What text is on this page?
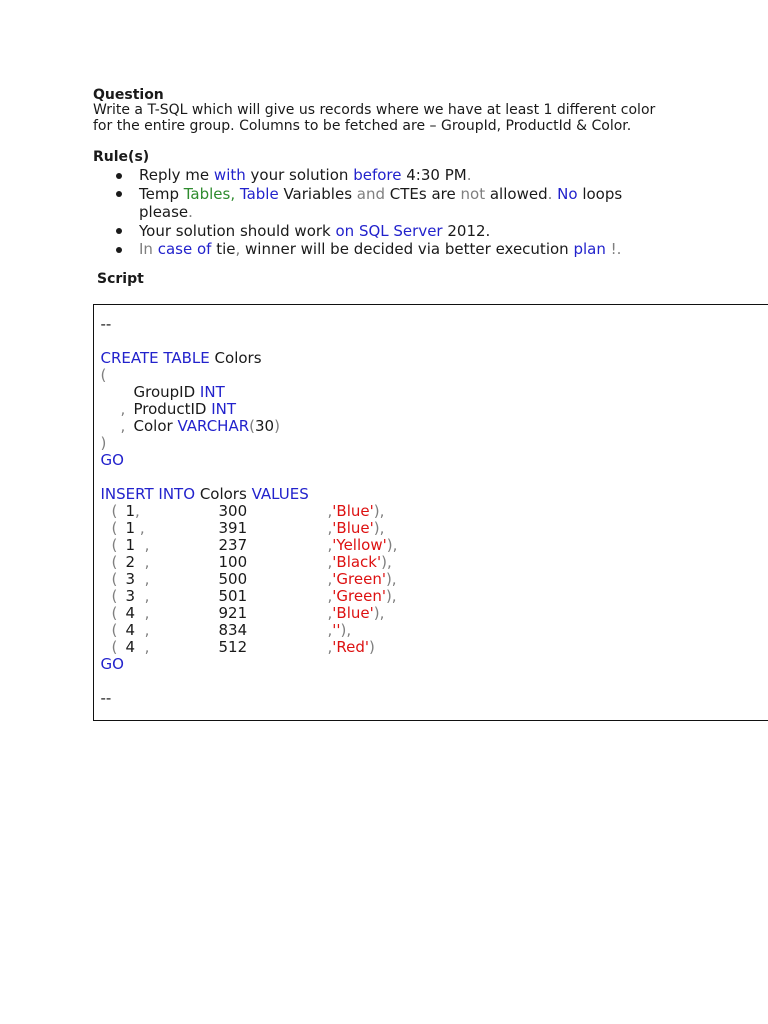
Question
Write a T-SQL which will give us records where we have at least 1 different color
for the entire group. Columns to be fetched are – GroupId, ProductId & Color.
Rule(s)
Reply me with your solution before 4:30 PM.
Temp Tables, Table Variables and CTEs are not allowed. No loops
please.
Your solution should work on SQL Server 2012.
In case of tie, winner will be decided via better execution plan !.
Script
--
CREATE TABLE Colors
(
GroupID INT
, ProductID INT
, Color VARCHAR(30)
)
GO
INSERT INTO Colors VALUES
( 1,	300	,'Blue'),
( 1 ,	391	,'Blue'),
( 1  ,	237	,'Yellow'),
( 2  ,	100	,'Black'),
( 3  ,	500	,'Green'),
( 3  ,	501	,'Green'),
( 4  ,	921	,'Blue'),
( 4  ,	834	,''),
( 4  ,	512	,'Red')
GO
--
